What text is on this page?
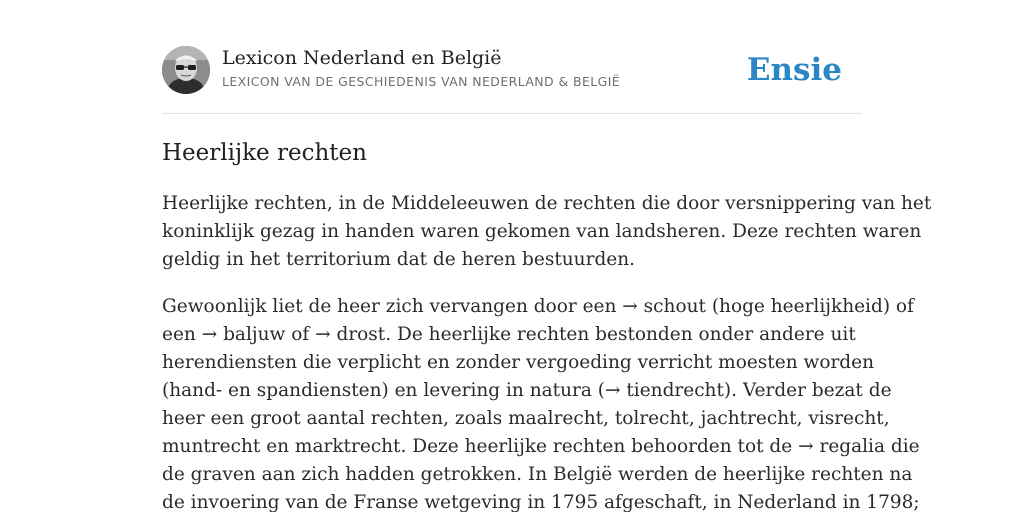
Lexicon Nederland en België
LEXICON VAN DE GESCHIEDENIS VAN NEDERLAND & BELGIË	Ensie
Heerlijke rechten

Heerlijke rechten, in de Middeleeuwen de rechten die door versnippering van het
koninklijk gezag in handen waren gekomen van landsheren. Deze rechten waren
geldig in het territorium dat de heren bestuurden.

Gewoonlijk liet de heer zich vervangen door een → schout (hoge heerlijkheid) of
een → baljuw of → drost. De heerlijke rechten bestonden onder andere uit
herendiensten die verplicht en zonder vergoeding verricht moesten worden
(hand- en spandiensten) en levering in natura (→ tiendrecht). Verder bezat de
heer een groot aantal rechten, zoals maalrecht, tolrecht, jachtrecht, visrecht,
muntrecht en marktrecht. Deze heerlijke rechten behoorden tot de → regalia die
de graven aan zich hadden getrokken. In België werden de heerlijke rechten na
de invoering van de Franse wetgeving in 1795 afgeschaft, in Nederland in 1798;
